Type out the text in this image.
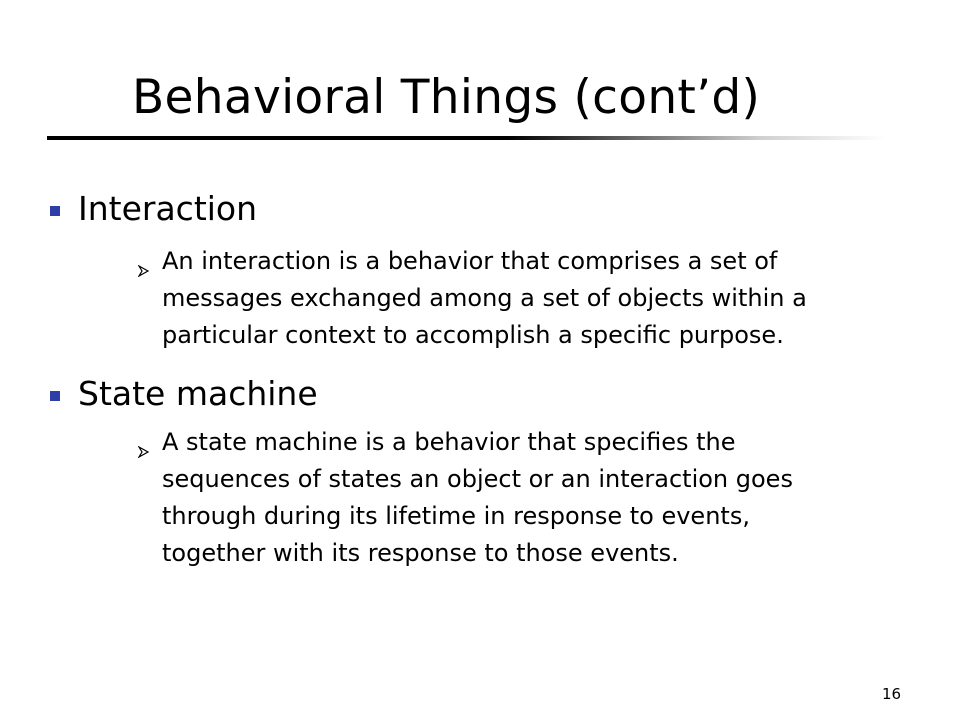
Behavioral Things (cont’d)
Interaction
An interaction is a behavior that comprises a set of
messages exchanged among a set of objects within a
particular context to accomplish a specific purpose.
State machine
A state machine is a behavior that specifies the
sequences of states an object or an interaction goes
through during its lifetime in response to events,
together with its response to those events.
16
